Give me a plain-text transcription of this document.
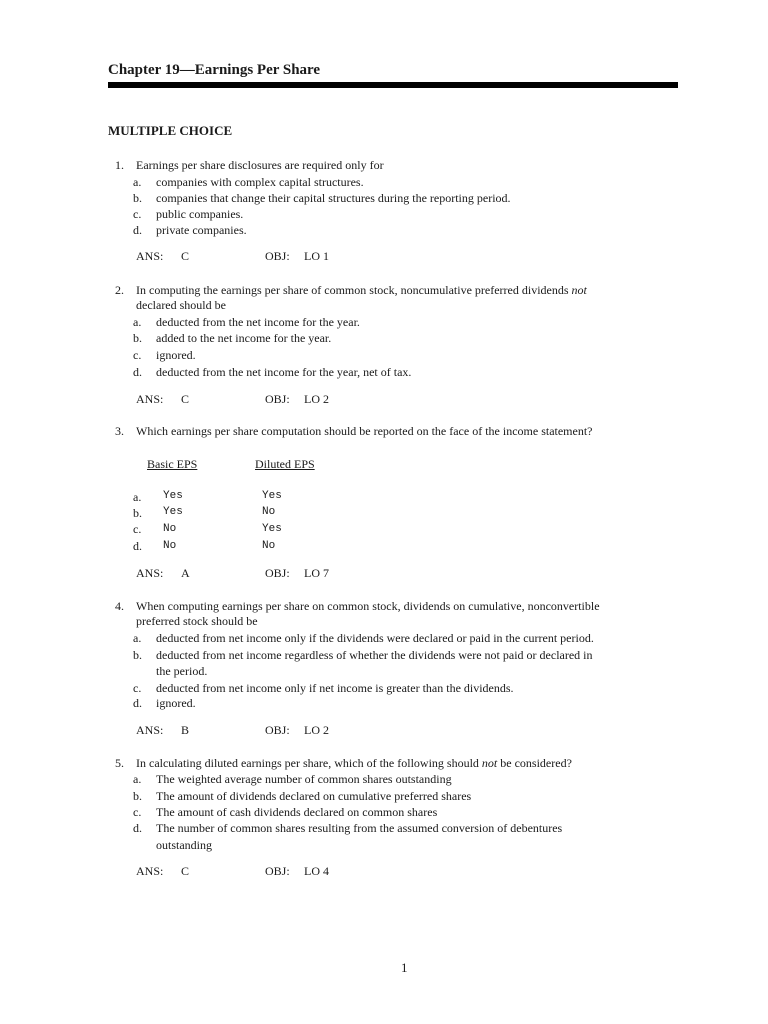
Chapter 19—Earnings Per Share
MULTIPLE CHOICE
1. Earnings per share disclosures are required only for
a. companies with complex capital structures.
b. companies that change their capital structures during the reporting period.
c. public companies.
d. private companies.
ANS: C	OBJ: LO 1
2. In computing the earnings per share of common stock, noncumulative preferred dividends not
declared should be
a. deducted from the net income for the year.
b. added to the net income for the year.
c. ignored.
d. deducted from the net income for the year, net of tax.
ANS: C	OBJ: LO 2
3. Which earnings per share computation should be reported on the face of the income statement?
Basic EPS	Diluted EPS
a. Yes	Yes
b. Yes	No
c. No	Yes
d. No	No
ANS: A	OBJ: LO 7
4. When computing earnings per share on common stock, dividends on cumulative, nonconvertible
preferred stock should be
a. deducted from net income only if the dividends were declared or paid in the current period.
b. deducted from net income regardless of whether the dividends were not paid or declared in
the period.
c. deducted from net income only if net income is greater than the dividends.
d. ignored.
ANS: B	OBJ: LO 2
5. In calculating diluted earnings per share, which of the following should not be considered?
a. The weighted average number of common shares outstanding
b. The amount of dividends declared on cumulative preferred shares
c. The amount of cash dividends declared on common shares
d. The number of common shares resulting from the assumed conversion of debentures
outstanding
ANS: C	OBJ: LO 4
1
